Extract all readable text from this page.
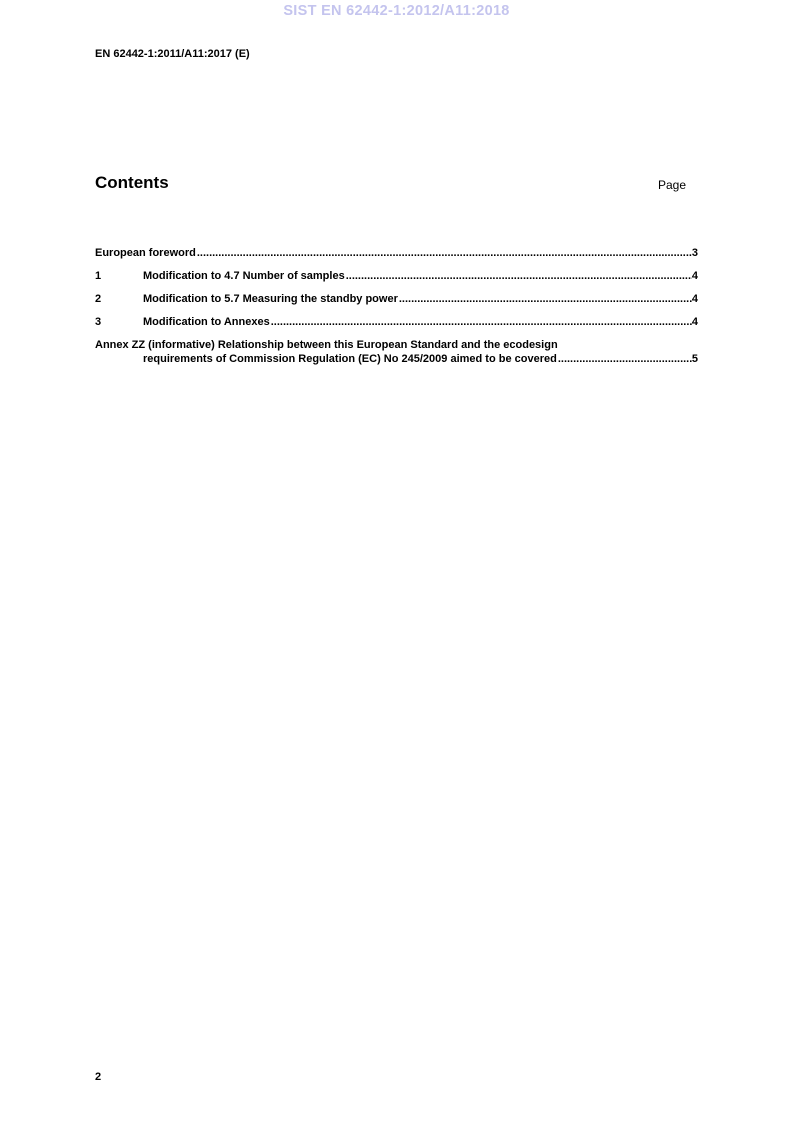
SIST EN 62442-1:2012/A11:2018
EN 62442-1:2011/A11:2017 (E)
Contents	Page
European foreword .....	3
1	Modification to 4.7 Number of samples .....	4
2	Modification to 5.7 Measuring the standby power .....	4
3	Modification to Annexes .....	4
Annex ZZ (informative) Relationship between this European Standard and the ecodesign
requirements of Commission Regulation (EC) No 245/2009 aimed to be covered .....	5
2
